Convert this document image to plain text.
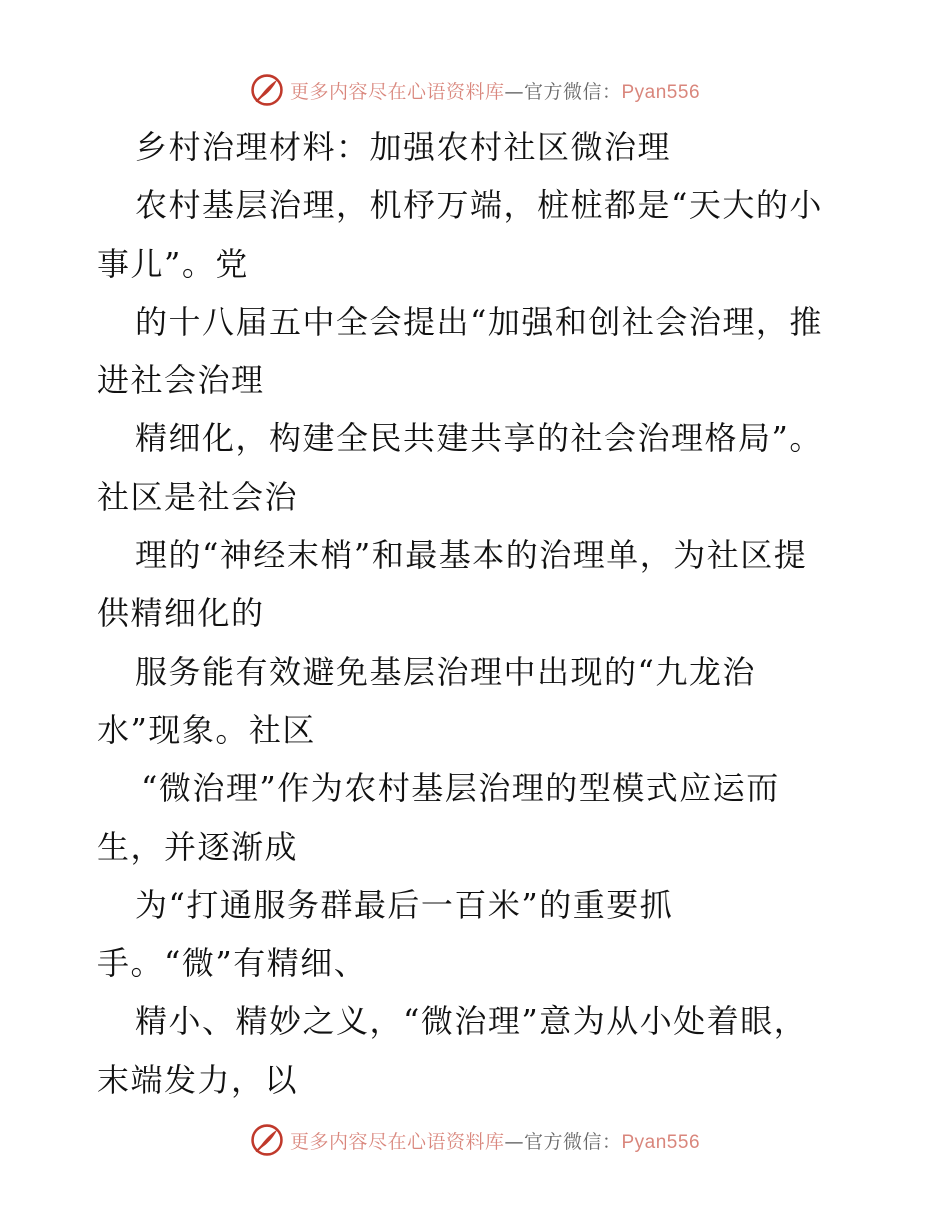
更多内容尽在心语资料库—官方微信：Pyan556
乡村治理材料：加强农村社区微治理
农村基层治理，机杼万端，桩桩都是“天大的小
事儿”。党
的十八届五中全会提出“加强和创社会治理，推
进社会治理
精细化，构建全民共建共享的社会治理格局”。
社区是社会治
理的“神经末梢”和最基本的治理单，为社区提
供精细化的
服务能有效避免基层治理中出现的“九龙治
水”现象。社区
“微治理”作为农村基层治理的型模式应运而
生，并逐渐成
为“打通服务群最后一百米”的重要抓
手。“微”有精细、
精小、精妙之义，“微治理”意为从小处着眼，
末端发力，以
更多内容尽在心语资料库—官方微信：Pyan556
